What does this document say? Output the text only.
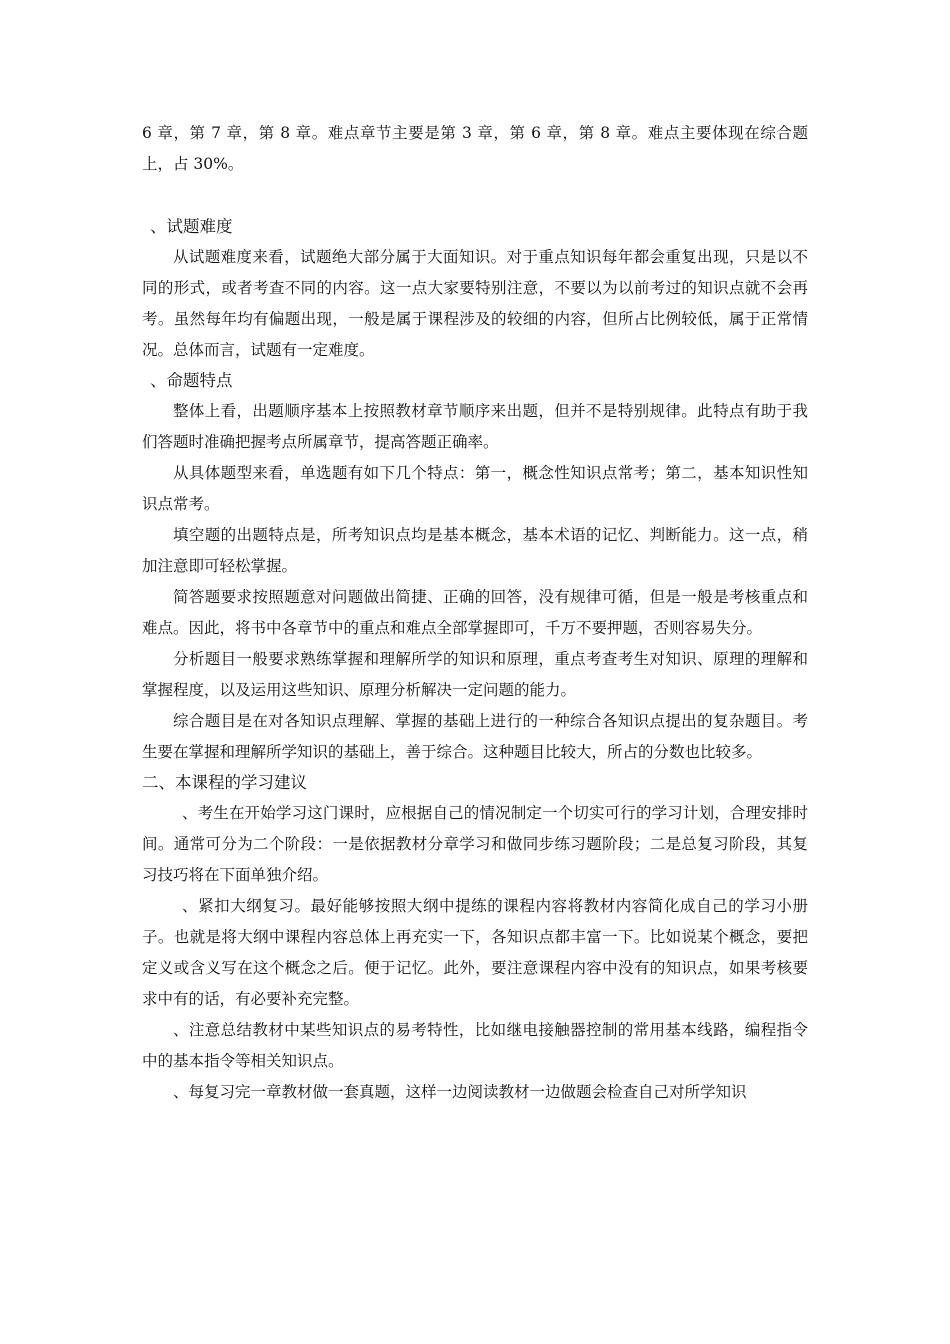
6 章，第 7 章，第 8 章。难点章节主要是第 3 章，第 6 章，第 8 章。难点主要体现在综合题上，占 30%。

、试题难度

从试题难度来看，试题绝大部分属于大面知识。对于重点知识每年都会重复出现，只是以不同的形式，或者考查不同的内容。这一点大家要特别注意，不要以为以前考过的知识点就不会再考。虽然每年均有偏题出现，一般是属于课程涉及的较细的内容，但所占比例较低，属于正常情况。总体而言，试题有一定难度。

、命题特点

整体上看，出题顺序基本上按照教材章节顺序来出题，但并不是特别规律。此特点有助于我们答题时准确把握考点所属章节，提高答题正确率。

从具体题型来看，单选题有如下几个特点：第一，概念性知识点常考；第二，基本知识性知识点常考。

填空题的出题特点是，所考知识点均是基本概念，基本术语的记忆、判断能力。这一点，稍加注意即可轻松掌握。

简答题要求按照题意对问题做出简捷、正确的回答，没有规律可循，但是一般是考核重点和难点。因此，将书中各章节中的重点和难点全部掌握即可，千万不要押题，否则容易失分。

分析题目一般要求熟练掌握和理解所学的知识和原理，重点考查考生对知识、原理的理解和掌握程度，以及运用这些知识、原理分析解决一定问题的能力。

综合题目是在对各知识点理解、掌握的基础上进行的一种综合各知识点提出的复杂题目。考生要在掌握和理解所学知识的基础上，善于综合。这种题目比较大，所占的分数也比较多。

二、本课程的学习建议

、考生在开始学习这门课时，应根据自己的情况制定一个切实可行的学习计划，合理安排时间。通常可分为二个阶段：一是依据教材分章学习和做同步练习题阶段；二是总复习阶段，其复习技巧将在下面单独介绍。

、紧扣大纲复习。最好能够按照大纲中提练的课程内容将教材内容简化成自己的学习小册子。也就是将大纲中课程内容总体上再充实一下，各知识点都丰富一下。比如说某个概念，要把定义或含义写在这个概念之后。便于记忆。此外，要注意课程内容中没有的知识点，如果考核要求中有的话，有必要补充完整。

、注意总结教材中某些知识点的易考特性，比如继电接触器控制的常用基本线路，编程指令中的基本指令等相关知识点。

、每复习完一章教材做一套真题，这样一边阅读教材一边做题会检查自己对所学知识
